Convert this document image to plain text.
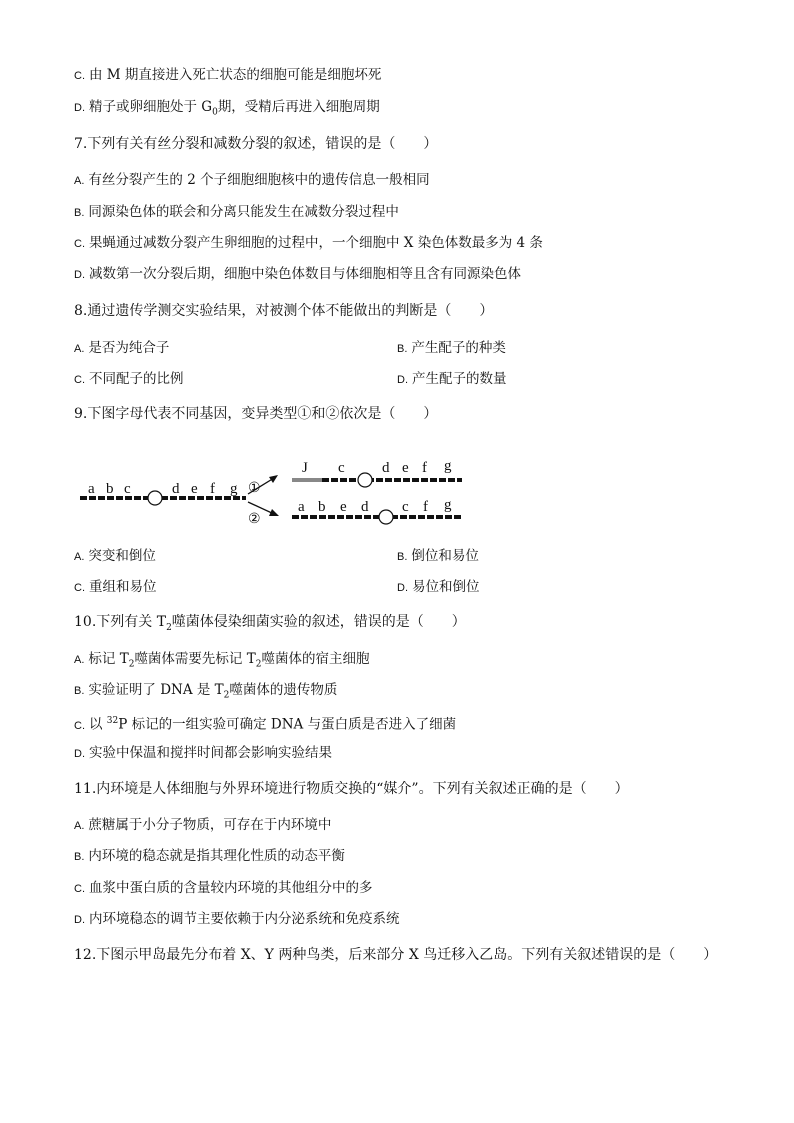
C. 由 M 期直接进入死亡状态的细胞可能是细胞坏死
D. 精子或卵细胞处于 $G_0$期，受精后再进入细胞周期
7.下列有关有丝分裂和减数分裂的叙述，错误的是（　　）
A. 有丝分裂产生的 2 个子细胞细胞核中的遗传信息一般相同
B. 同源染色体的联会和分离只能发生在减数分裂过程中
C. 果蝇通过减数分裂产生卵细胞的过程中，一个细胞中 X 染色体数最多为 4 条
D. 减数第一次分裂后期，细胞中染色体数目与体细胞相等且含有同源染色体
8.通过遗传学测交实验结果，对被测个体不能做出的判断是（　　）
A. 是否为纯合子	B. 产生配子的种类
C. 不同配子的比例	D. 产生配子的数量
9.下图字母代表不同基因，变异类型①和②依次是（　　）
a b c	d e f g ①
②
J c d e f g
a b e d c f g
A. 突变和倒位	B. 倒位和易位
C. 重组和易位	D. 易位和倒位
10.下列有关 $T_2$噬菌体侵染细菌实验的叙述，错误的是（　　）
A. 标记 $T_2$噬菌体需要先标记 $T_2$噬菌体的宿主细胞
B. 实验证明了 DNA 是 $T_2$噬菌体的遗传物质
C. 以 $^{32}$P 标记的一组实验可确定 DNA 与蛋白质是否进入了细菌
D. 实验中保温和搅拌时间都会影响实验结果
11.内环境是人体细胞与外界环境进行物质交换的“媒介”。下列有关叙述正确的是（　　）
A. 蔗糖属于小分子物质，可存在于内环境中
B. 内环境的稳态就是指其理化性质的动态平衡
C. 血浆中蛋白质的含量较内环境的其他组分中的多
D. 内环境稳态的调节主要依赖于内分泌系统和免疫系统
12.下图示甲岛最先分布着 X、Y 两种鸟类，后来部分 X 鸟迁移入乙岛。下列有关叙述错误的是（　　）
